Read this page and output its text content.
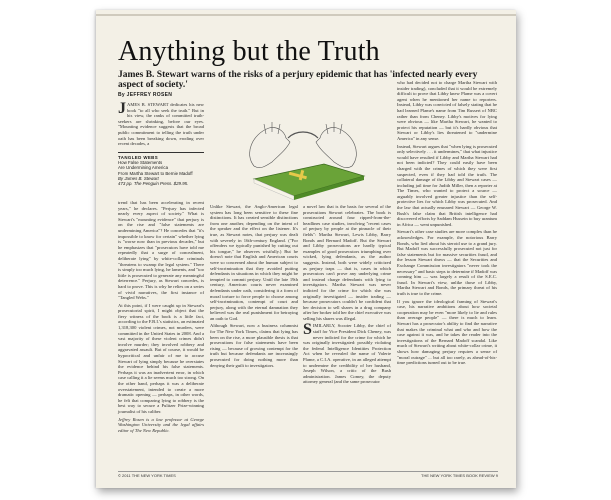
Anything but the Truth

James B. Stewart warns of the risks of a perjury epidemic that has 'infected nearly every aspect of society.'

By JEFFREY ROSEN

JAMES B. STEWART dedicates his new book "to all who seek the truth." But in his view, the ranks of committed truth-seekers are shrinking, before our eyes. "Mounting evidence suggests that the broad public commitment to telling the truth under oath has been breaking down, eroding over recent decades, a

TANGLED WEBS
How False Statements
Are Undermining America
From Martha Stewart to Bernie Madoff
By James B. Stewart
473 pp. The Penguin Press. $29.95.

trend that has been accelerating in recent years," he declares. "Perjury has infected nearly every aspect of society." What is Stewart's "mounting evidence" that perjury is on the rise and "false statements are undermining America"? He concedes that "it's impossible to know for certain" whether lying is "worse now than in previous decades," but he emphasizes that "prosecutors have told me repeatedly that a surge of concealment, deliberate lying" by white-collar criminals "threatens to swamp the legal system." There is simply too much lying, he laments, and "too little is prosecuted to generate any meaningful deterrence." Perjury, as Stewart concedes, is hard to prove. This is why he relies on a series of vivid narratives, the first instance of "Tangled Webs."

At this point, if I were caught up in Stewart's prosecutorial spirit, I might object that the fiery witness of the book is a little fact, according to the F.B.I.'s statistics, an estimated 1,318,300 violent crimes, not murders, were committed in the United States in 2008. And a vast majority of these violent crimes didn't involve murder; they involved robbery and aggravated assault. But of course, it would be hypocritical and unfair of me to accuse Stewart of lying simply because he overstates the evidence behind his false statements. Perhaps it was an inadvertent error, in which case calling it a lie seems much too strong. On the other hand, perhaps it was a deliberate overstatement, intended to create a more dramatic opening — perhaps, in other words, he felt that comparing lying to robbery is the best way to secure a Pulitzer Prize-winning journalist of his caliber.

Jeffrey Rosen is a law professor at George Washington University and the legal affairs editor of The New Republic.

Unlike Stewart, the Anglo-American legal system has long been sensitive to these fine distinctions. It has created sensible distinctions from one another, depending on the intent of the speaker and the effect on the listener. It's true, as Stewart notes, that perjury was dealt with severely in 16th-century England. ("For offenders we typically punished by cutting out his tongue," he observes wistfully.) But he doesn't note that English and American courts were so concerned about the human subject to self-incrimination that they avoided putting defendants in situations in which they might be tempted to commit perjury. Until the late 19th century, American courts never examined defendants under oath, considering it a form of moral torture to force people to choose among self-incrimination, contempt of court and perjury, along with the eternal damnation they believed was the real punishment for betraying an oath to God.

Although Stewart, now a business columnist for The New York Times, claims that lying has been on the rise, a more plausible thesis is that prosecutions for false statements have been rising — because of growing contempt for the truth but because defendants are increasingly prosecuted for doing nothing more than denying their guilt to investigators.

a novel law that is the basis for several of the prosecutions Stewart celebrates. The book is constructed around four ripped-from-the-headlines case studies, involving "recent cases of perjury by people at the pinnacle of their fields": Martha Stewart, Lewis Libby, Barry Bonds and Bernard Madoff. But the Stewart and Libby prosecutions are hardly typical examples of good prosecutors triumphing over wicked, lying defendants, as the author suggests. Instead, both were widely criticized as perjury traps — that is, cases in which prosecutors can't prove any underlying crime and instead charge defendants with lying to investigators. Martha Stewart was never indicted for the crime for which she was originally investigated — insider trading — because prosecutors couldn't be confident that her decision to sell shares in a drug company after her broker told her the chief executive was selling his shares was illegal.

SIMILARLY, Scooter Libby, the chief of staff for Vice President Dick Cheney, was never indicted for the crime for which he was originally investigated: possibly violating the federal Intelligence Identities Protection Act when he revealed the name of Valerie Plame, a C.I.A. operative, in an alleged attempt to undermine the credibility of her husband, Joseph Wilson, a critic of the Bush administration. James Comey, the deputy attorney general (and the same prosecutor

who had decided not to charge Martha Stewart with insider trading), concluded that it would be extremely difficult to prove that Libby knew Plame was a covert agent when he mentioned her name to reporters. Instead, Libby was convicted of falsely stating that he had learned Plame's name from Tim Russert of NBC rather than from Cheney. Libby's motives for lying were obvious — like Martha Stewart, he wanted to protect his reputation — but it's hardly obvious that Stewart or Libby's lies threatened to "undermine America" in any sense.

Instead, Stewart argues that "when lying is prosecuted only selectively . . . it undermines," that what injustice would have resulted if Libby and Martha Stewart had not been indicted? They could easily have been charged with the crimes of which they were first suspected, even if they had told the truth. The collateral damage of the Libby and Stewart cases — including jail time for Judith Miller, then a reporter at The Times, who wanted to protect a source — arguably involved greater injustice than the self-protective lies for which Libby was prosecuted. And the law that actually ensnared Stewart — George W. Bush's false claim that British intelligence had discovered efforts by Saddam Hussein to buy uranium in Africa — went unpunished.

Stewart's other case studies are more complex than he acknowledges. For example, the notorious Barry Bonds, who lied about his steroid use to a grand jury. But Madoff was successfully prosecuted not just for false statements but for massive securities fraud, and the lesson Stewart draws — that the Securities and Exchange Commission investigators "never took the necessary" and basic steps to determine if Madoff was conning him — was largely a result of the S.E.C. fraud. In Stewart's view, unlike those of Libby, Martha Stewart and Bonds, the primary threat of his truth is true to the crime.

If you ignore the ideological framing of Stewart's case, his narrative ambitions about how societal cooperation may be even "more likely to lie and rules than average people" — there is much to learn. Stewart has a prosecutor's ability to find the narrative that makes the criminal what and who and how the case against it was, and he takes the reader into the investigations of the Bernard Madoff scandal. Like much of Stewart's writing about white-collar crime, it shows how damaging perjury requires a sense of "moral outrage" ... but all too rarely, as ahead-of-his-time predictions turned out to be true.

© 2011 THE NEW YORK TIMES	THE NEW YORK TIMES BOOK REVIEW 9
